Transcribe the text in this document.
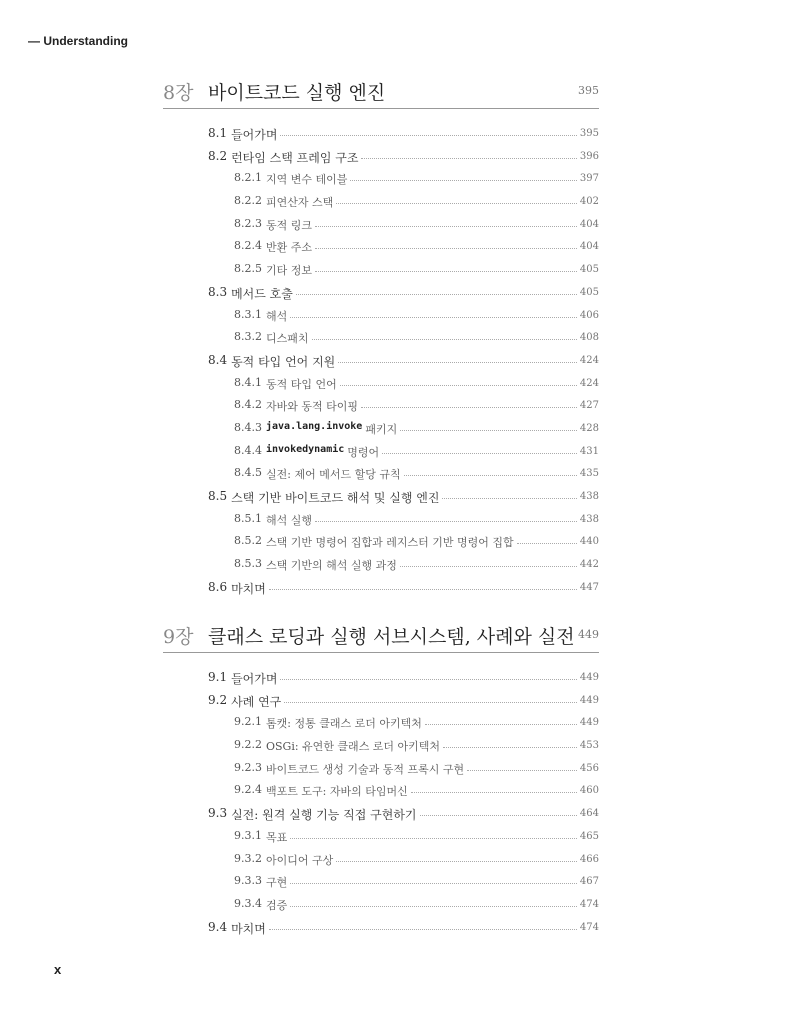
— Understanding
8장 바이트코드 실행 엔진	395
8.1 들어가며	395
8.2 런타임 스택 프레임 구조	396
8.2.1 지역 변수 테이블	397
8.2.2 피연산자 스택	402
8.2.3 동적 링크	404
8.2.4 반환 주소	404
8.2.5 기타 정보	405
8.3 메서드 호출	405
8.3.1 해석	406
8.3.2 디스패치	408
8.4 동적 타입 언어 지원	424
8.4.1 동적 타입 언어	424
8.4.2 자바와 동적 타이핑	427
8.4.3 java.lang.invoke 패키지	428
8.4.4 invokedynamic 명령어	431
8.4.5 실전: 제어 메서드 할당 규칙	435
8.5 스택 기반 바이트코드 해석 및 실행 엔진	438
8.5.1 해석 실행	438
8.5.2 스택 기반 명령어 집합과 레지스터 기반 명령어 집합	440
8.5.3 스택 기반의 해석 실행 과정	442
8.6 마치며	447
9장 클래스 로딩과 실행 서브시스템, 사례와 실전 449
9.1 들어가며	449
9.2 사례 연구	449
9.2.1 톰캣: 정통 클래스 로더 아키텍처	449
9.2.2 OSGi: 유연한 클래스 로더 아키텍처	453
9.2.3 바이트코드 생성 기술과 동적 프록시 구현	456
9.2.4 백포트 도구: 자바의 타임머신	460
9.3 실전: 원격 실행 기능 직접 구현하기	464
9.3.1 목표	465
9.3.2 아이디어 구상	466
9.3.3 구현	467
9.3.4 검증	474
9.4 마치며	474
x
